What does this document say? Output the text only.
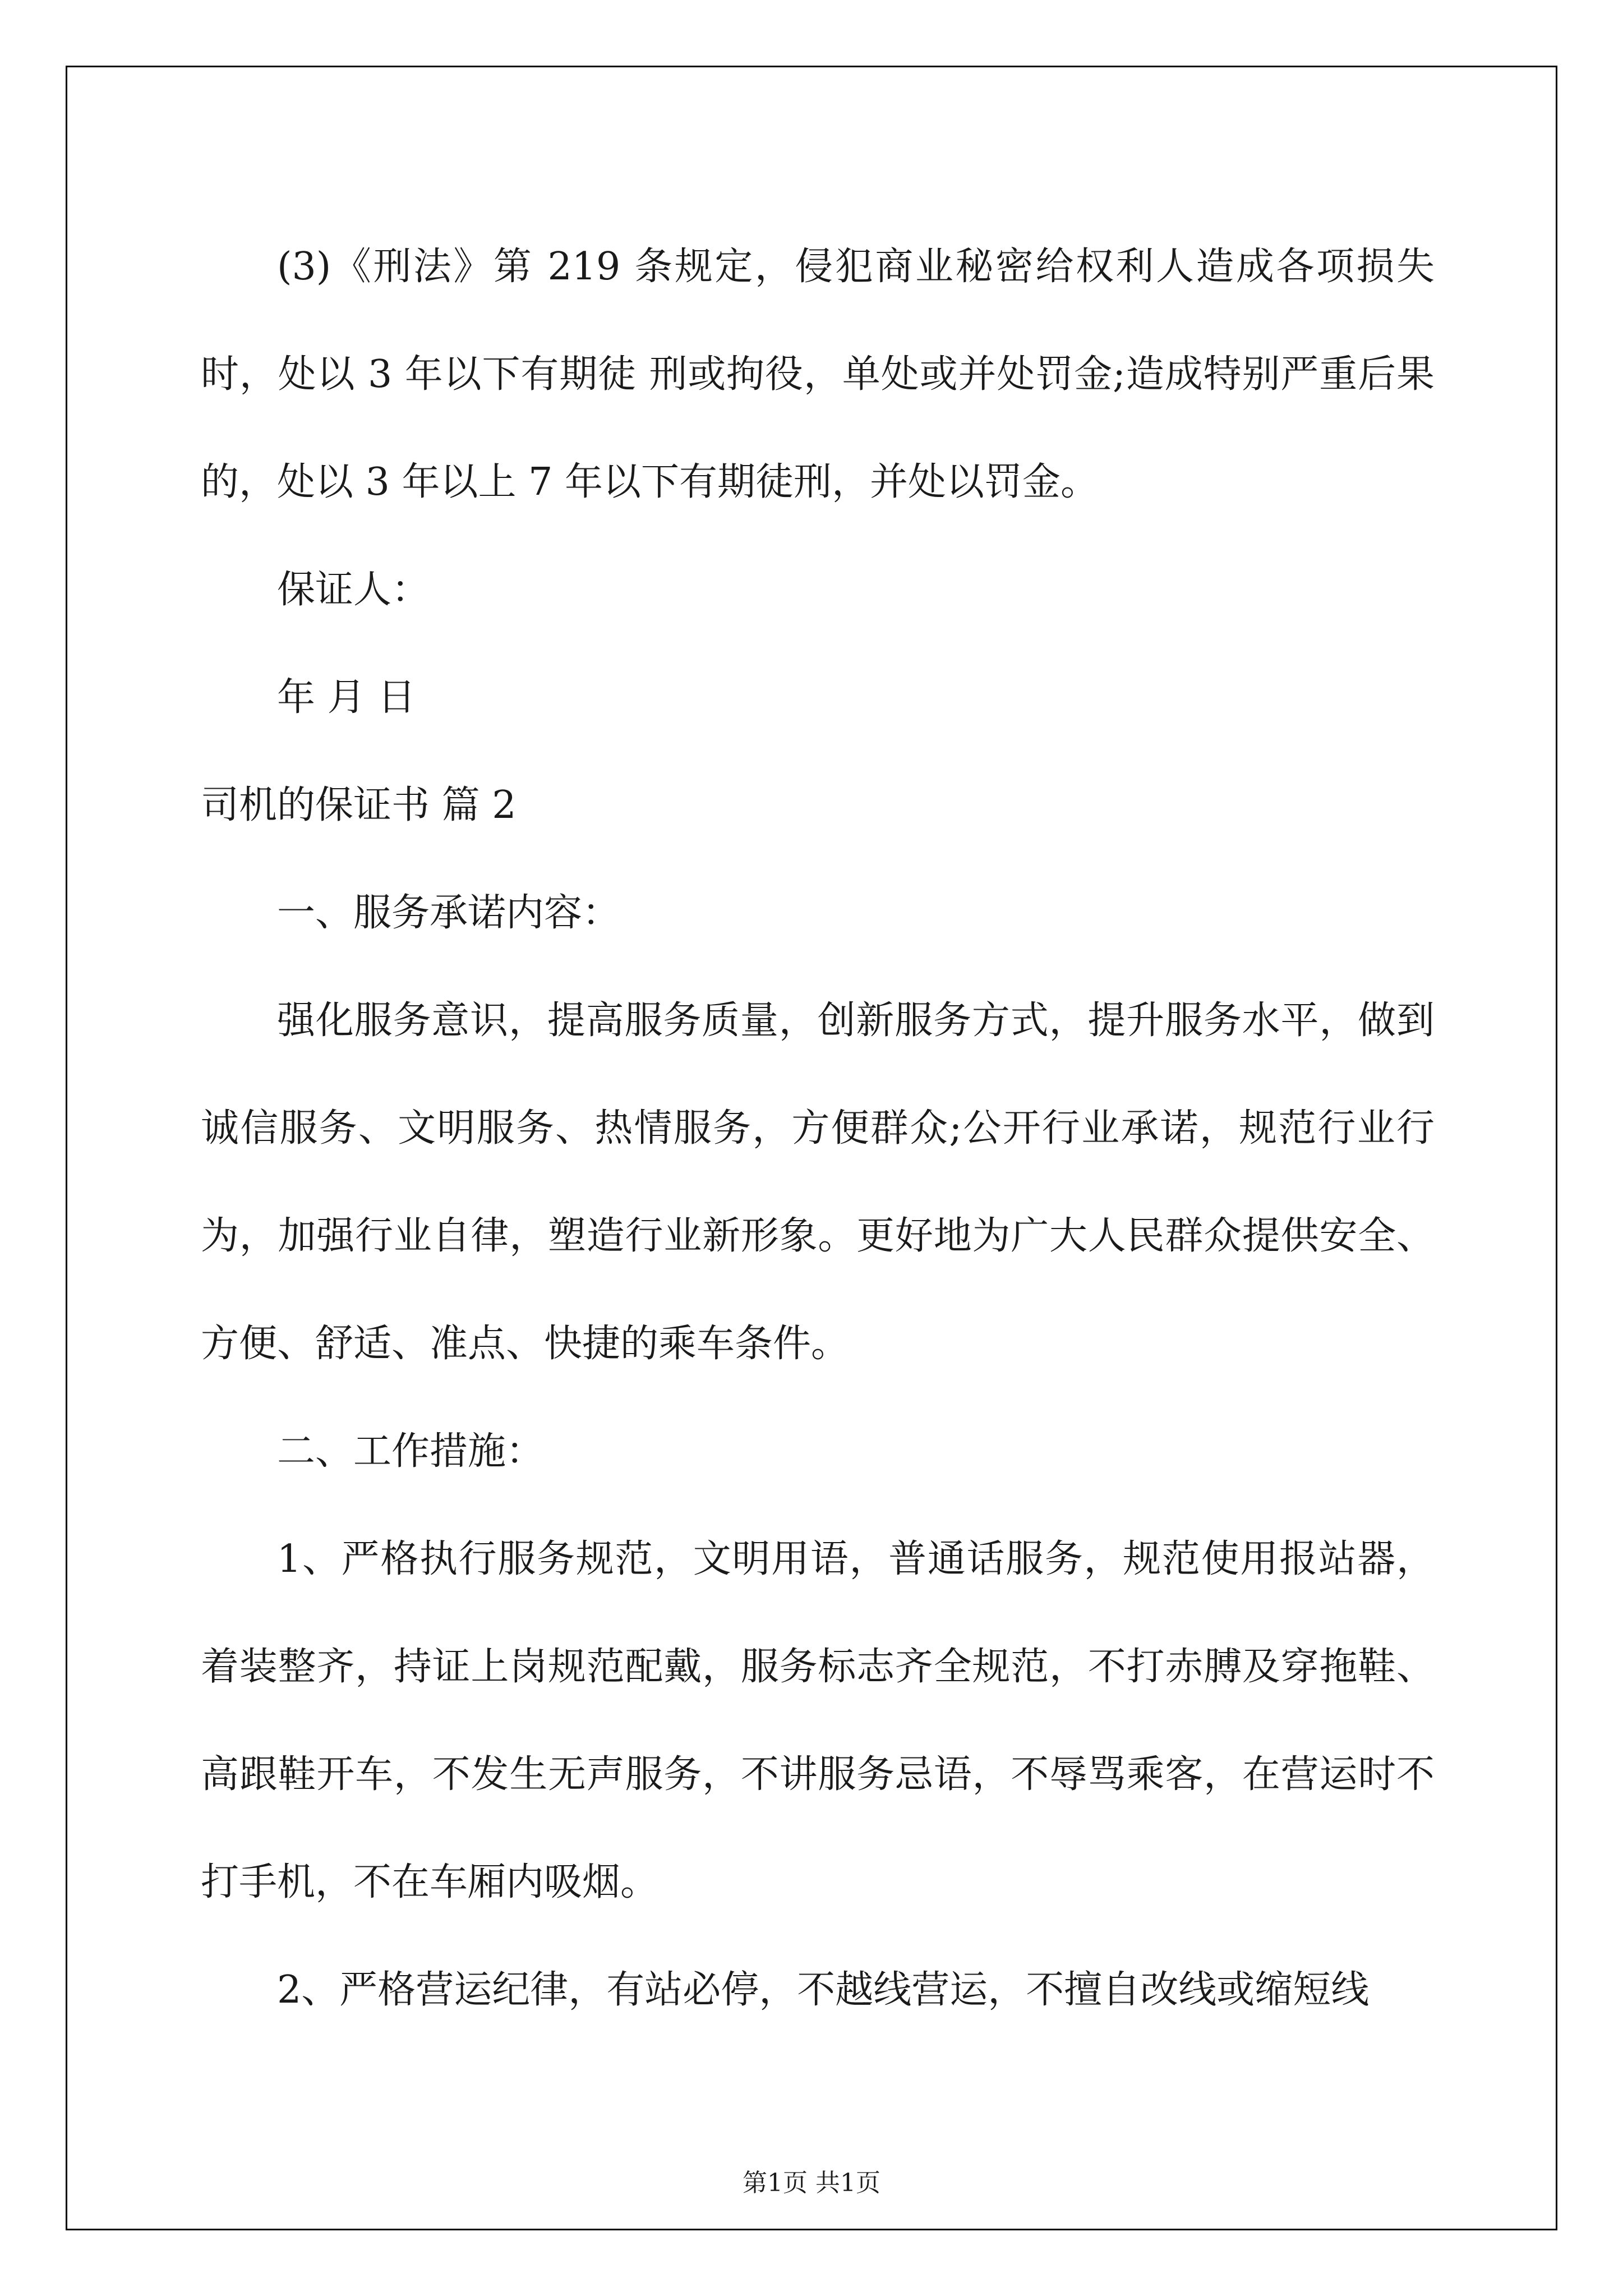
(3)《刑法》第 219 条规定，侵犯商业秘密给权利人造成各项损失时，处以 3 年以下有期徒 刑或拘役，单处或并处罚金;造成特别严重后果的，处以 3 年以上 7 年以下有期徒刑，并处以罚金。

保证人：

年 月 日

司机的保证书 篇 2

一、服务承诺内容：

强化服务意识，提高服务质量，创新服务方式，提升服务水平，做到诚信服务、文明服务、热情服务，方便群众;公开行业承诺，规范行业行为，加强行业自律，塑造行业新形象。更好地为广大人民群众提供安全、方便、舒适、准点、快捷的乘车条件。

二、工作措施：

1、严格执行服务规范，文明用语，普通话服务，规范使用报站器，着装整齐，持证上岗规范配戴，服务标志齐全规范，不打赤膊及穿拖鞋、高跟鞋开车，不发生无声服务，不讲服务忌语，不辱骂乘客，在营运时不打手机，不在车厢内吸烟。

2、严格营运纪律，有站必停，不越线营运，不擅自改线或缩短线

第1页 共1页
